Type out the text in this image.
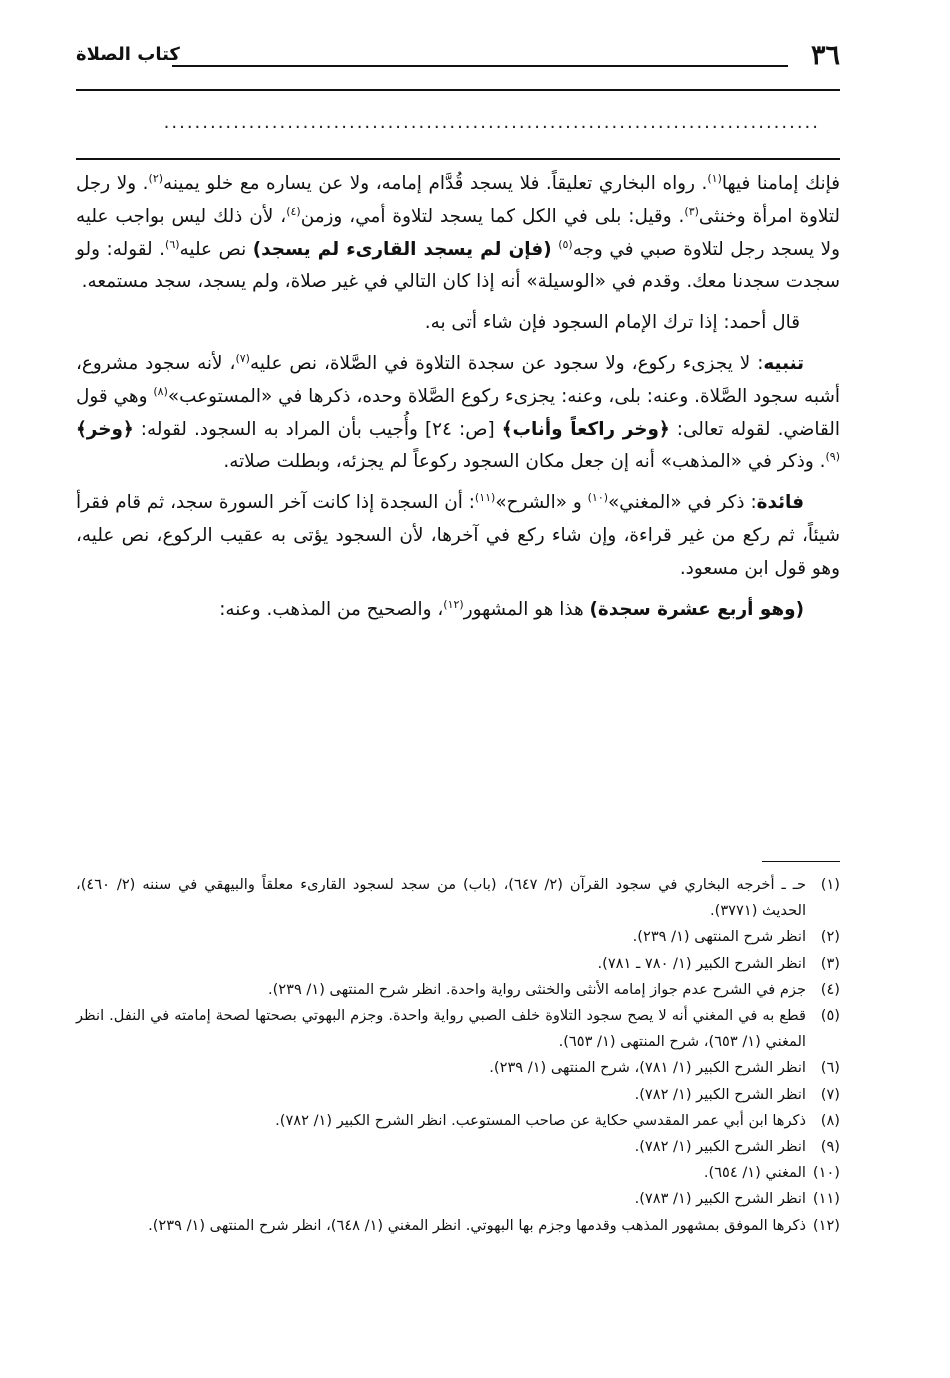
٣٦
كتاب الصلاة
.....................................................................................

فإنك إمامنا فيها$^{(١)}$. رواه البخاري تعليقاً. فلا يسجد قُدَّام إمامه، ولا عن يساره مع خلو يمينه$^{(٢)}$. ولا رجل لتلاوة امرأة وخنثى$^{(٣)}$. وقيل: بلى في الكل كما يسجد لتلاوة أمي، وزمن$^{(٤)}$، لأن ذلك ليس بواجب عليه ولا يسجد رجل لتلاوة صبي في وجه$^{(٥)}$ (فإن لم يسجد القارىء لم يسجد) نص عليه$^{(٦)}$. لقوله: ولو سجدت سجدنا معك. وقدم في «الوسيلة» أنه إذا كان التالي في غير صلاة، ولم يسجد، سجد مستمعه.

قال أحمد: إذا ترك الإمام السجود فإن شاء أتى به.

تنبيه: لا يجزىء ركوع، ولا سجود عن سجدة التلاوة في الصَّلاة، نص عليه$^{(٧)}$، لأنه سجود مشروع، أشبه سجود الصَّلاة. وعنه: بلى، وعنه: يجزىء ركوع الصَّلاة وحده، ذكرها في «المستوعب»$^{(٨)}$ وهي قول القاضي. لقوله تعالى: ﴿وخر راكعاً وأناب﴾ [ص: ٢٤] وأُجيب بأن المراد به السجود. لقوله: ﴿وخر﴾$^{(٩)}$. وذكر في «المذهب» أنه إن جعل مكان السجود ركوعاً لم يجزئه، وبطلت صلاته.

فائدة: ذكر في «المغني»$^{(١٠)}$ و «الشرح»$^{(١١)}$: أن السجدة إذا كانت آخر السورة سجد، ثم قام فقرأ شيئاً، ثم ركع من غير قراءة، وإن شاء ركع في آخرها، لأن السجود يؤتى به عقيب الركوع، نص عليه، وهو قول ابن مسعود.

(وهو أربع عشرة سجدة) هذا هو المشهور$^{(١٢)}$، والصحيح من المذهب. وعنه:

(١)
حـ ـ أخرجه البخاري في سجود القرآن (٢/ ٦٤٧)، (باب) من سجد لسجود القارىء معلقاً والبيهقي في سننه (٢/ ٤٦٠)، الحديث (٣٧٧١).
(٢)
انظر شرح المنتهى (١/ ٢٣٩).
(٣)
انظر الشرح الكبير (١/ ٧٨٠ ـ ٧٨١).
(٤)
جزم في الشرح عدم جواز إمامه الأنثى والخنثى رواية واحدة. انظر شرح المنتهى (١/ ٢٣٩).
(٥)
قطع به في المغني أنه لا يصح سجود التلاوة خلف الصبي رواية واحدة. وجزم البهوتي بصحتها لصحة إمامته في النفل. انظر المغني (١/ ٦٥٣)، شرح المنتهى (١/ ٦٥٣).
(٦)
انظر الشرح الكبير (١/ ٧٨١)، شرح المنتهى (١/ ٢٣٩).
(٧)
انظر الشرح الكبير (١/ ٧٨٢).
(٨)
ذكرها ابن أبي عمر المقدسي حكاية عن صاحب المستوعب. انظر الشرح الكبير (١/ ٧٨٢).
(٩)
انظر الشرح الكبير (١/ ٧٨٢).
(١٠)
المغني (١/ ٦٥٤).
(١١)
انظر الشرح الكبير (١/ ٧٨٣).
(١٢)
ذكرها الموفق بمشهور المذهب وقدمها وجزم بها البهوتي. انظر المغني (١/ ٦٤٨)، انظر شرح المنتهى (١/ ٢٣٩).
